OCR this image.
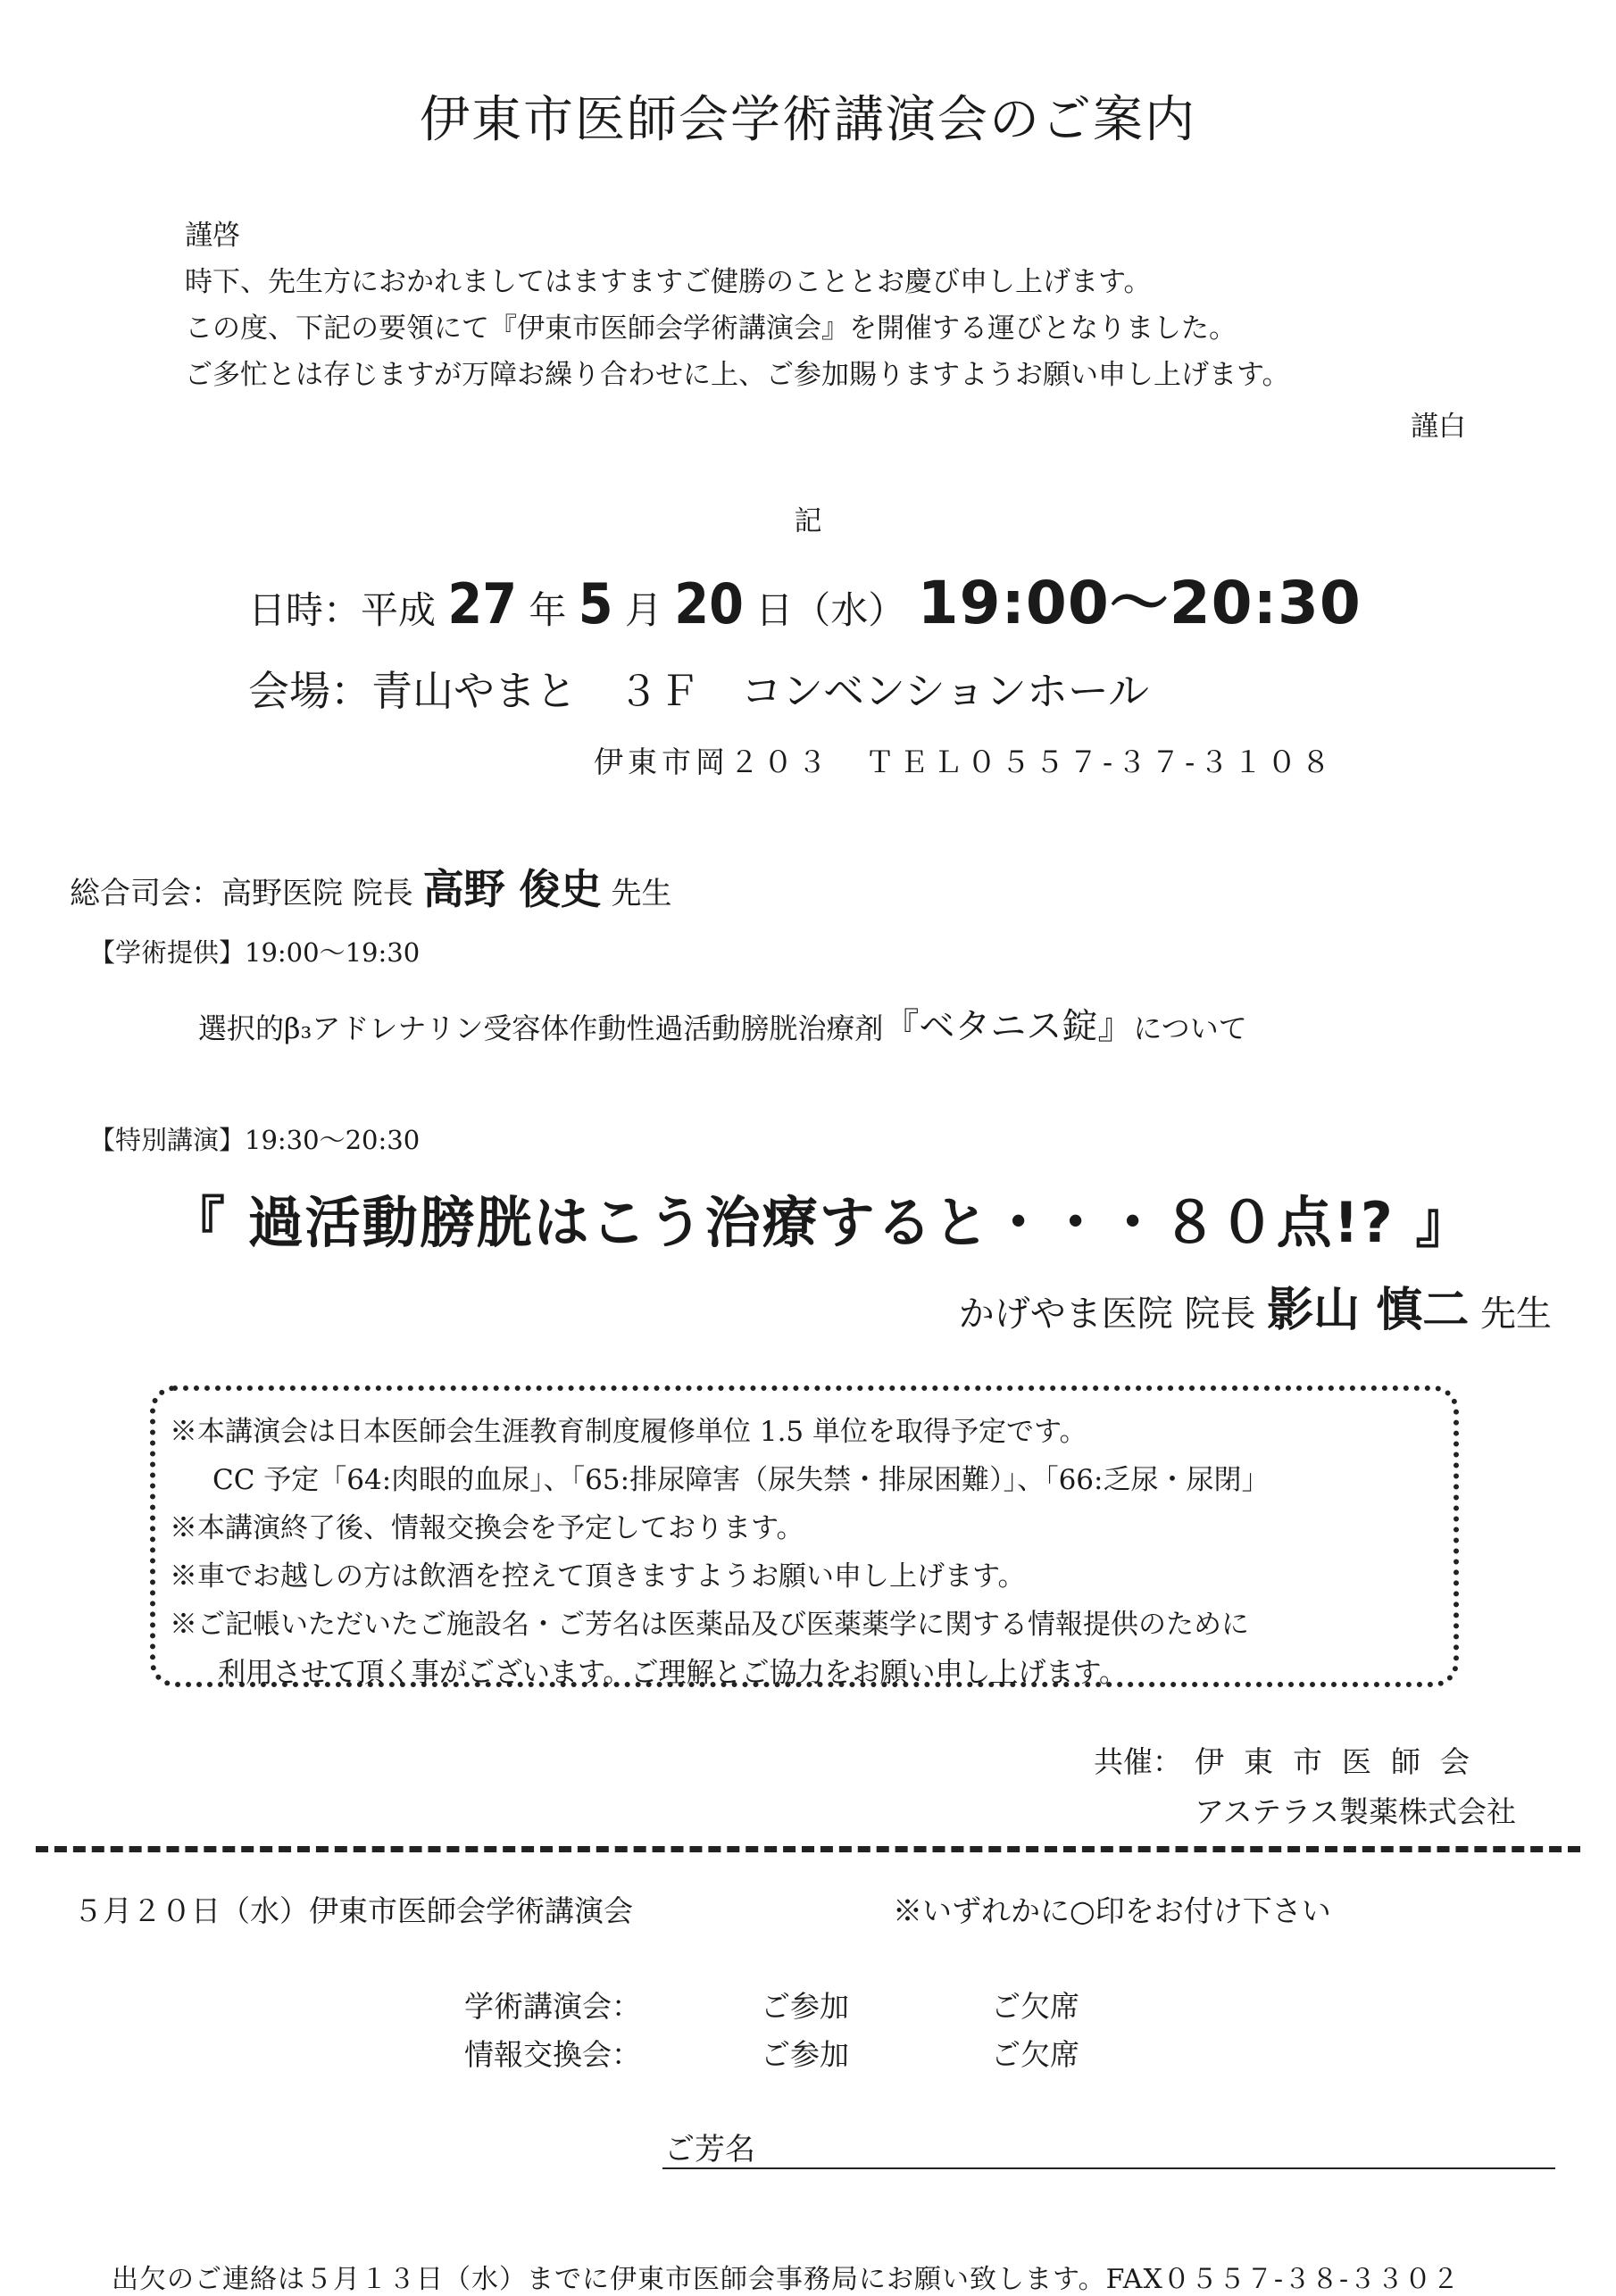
伊東市医師会学術講演会のご案内
謹啓
時下、先生方におかれましてはますますご健勝のこととお慶び申し上げます。
この度、下記の要領にて『伊東市医師会学術講演会』を開催する運びとなりました。
ご多忙とは存じますが万障お繰り合わせに上、ご参加賜りますようお願い申し上げます。
謹白
記
日時：平成 27 年 5 月 20 日（水） 19:00〜20:30
会場：青山やまと　３Ｆ　コンベンションホール
伊東市岡２０３　ＴＥＬ０５５７-３７-３１０８
総合司会：高野医院 院長 高野 俊史 先生
【学術提供】19:00〜19:30
選択的β₃アドレナリン受容体作動性過活動膀胱治療剤『ベタニス錠』について
【特別講演】19:30〜20:30
『 過活動膀胱はこう治療すると・・・８０点!? 』
かげやま医院 院長 影山 慎二 先生
※本講演会は日本医師会生涯教育制度履修単位 1.5 単位を取得予定です。
CC 予定「64:肉眼的血尿」、「65:排尿障害（尿失禁・排尿困難）」、「66:乏尿・尿閉」
※本講演終了後、情報交換会を予定しております。
※車でお越しの方は飲酒を控えて頂きますようお願い申し上げます。
※ご記帳いただいたご施設名・ご芳名は医薬品及び医薬薬学に関する情報提供のために
利用させて頂く事がございます。ご理解とご協力をお願い申し上げます。
共催： 伊東市医師会
アステラス製薬株式会社
５月２０日（水）伊東市医師会学術講演会	※いずれかに○印をお付け下さい
学術講演会：	ご参加	ご欠席
情報交換会：	ご参加	ご欠席
ご芳名
出欠のご連絡は５月１３日（水）までに伊東市医師会事務局にお願い致します。FAX０５５７-３８-３３０２
